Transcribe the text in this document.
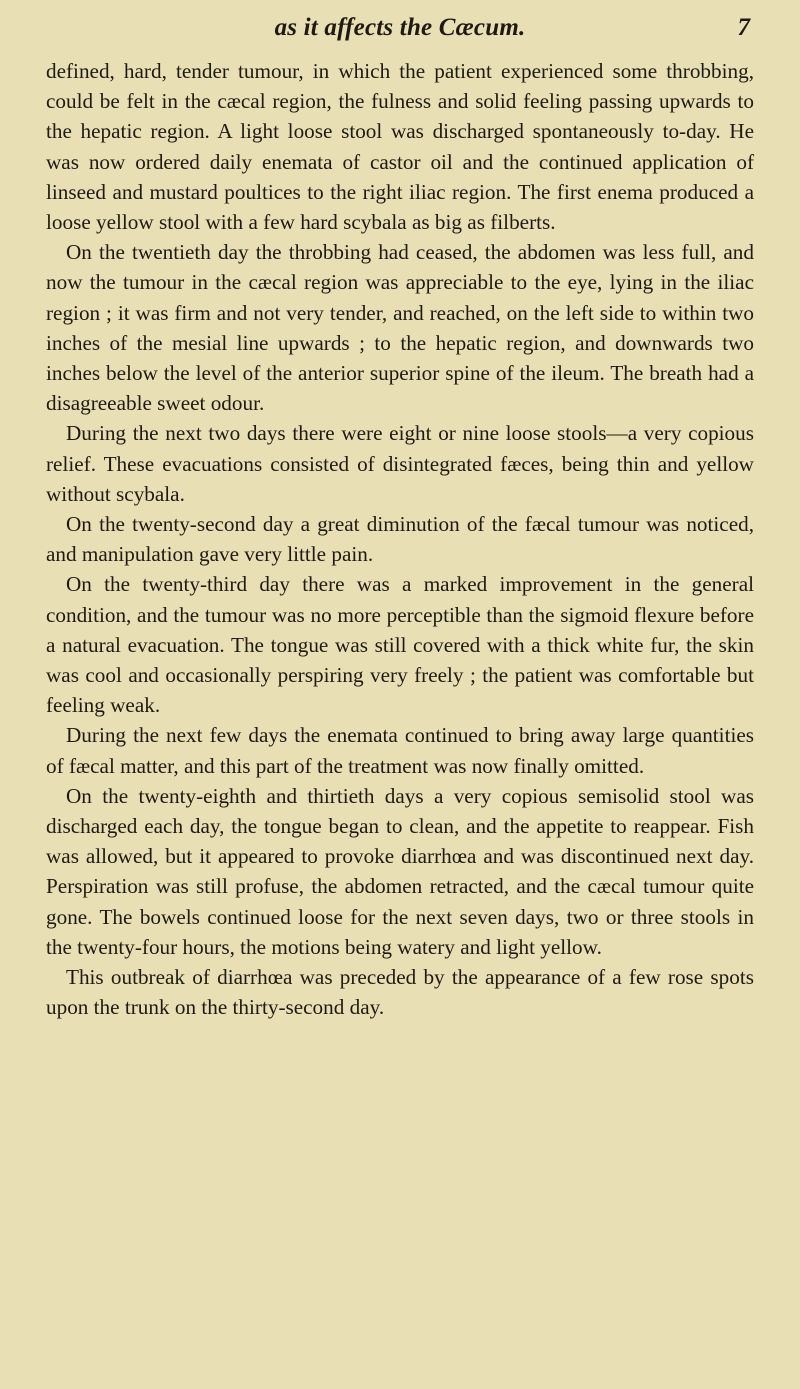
as it affects the Cæcum.	7

defined, hard, tender tumour, in which the patient experienced some throbbing, could be felt in the cæcal region, the fulness and solid feeling passing upwards to the hepatic region. A light loose stool was discharged spontaneously to-day. He was now ordered daily enemata of castor oil and the continued application of linseed and mustard poultices to the right iliac region. The first enema produced a loose yellow stool with a few hard scybala as big as filberts.

On the twentieth day the throbbing had ceased, the abdomen was less full, and now the tumour in the cæcal region was appreciable to the eye, lying in the iliac region ; it was firm and not very tender, and reached, on the left side to within two inches of the mesial line upwards ; to the hepatic region, and downwards two inches below the level of the anterior superior spine of the ileum. The breath had a disagreeable sweet odour.

During the next two days there were eight or nine loose stools—a very copious relief. These evacuations consisted of disintegrated fæces, being thin and yellow without scybala.

On the twenty-second day a great diminution of the fæcal tumour was noticed, and manipulation gave very little pain.

On the twenty-third day there was a marked improvement in the general condition, and the tumour was no more perceptible than the sigmoid flexure before a natural evacuation. The tongue was still covered with a thick white fur, the skin was cool and occasionally perspiring very freely ; the patient was comfortable but feeling weak.

During the next few days the enemata continued to bring away large quantities of fæcal matter, and this part of the treatment was now finally omitted.

On the twenty-eighth and thirtieth days a very copious semisolid stool was discharged each day, the tongue began to clean, and the appetite to reappear. Fish was allowed, but it appeared to provoke diarrhœa and was discontinued next day. Perspiration was still profuse, the abdomen retracted, and the cæcal tumour quite gone. The bowels continued loose for the next seven days, two or three stools in the twenty-four hours, the motions being watery and light yellow.

This outbreak of diarrhœa was preceded by the appearance of a few rose spots upon the trunk on the thirty-second day.
